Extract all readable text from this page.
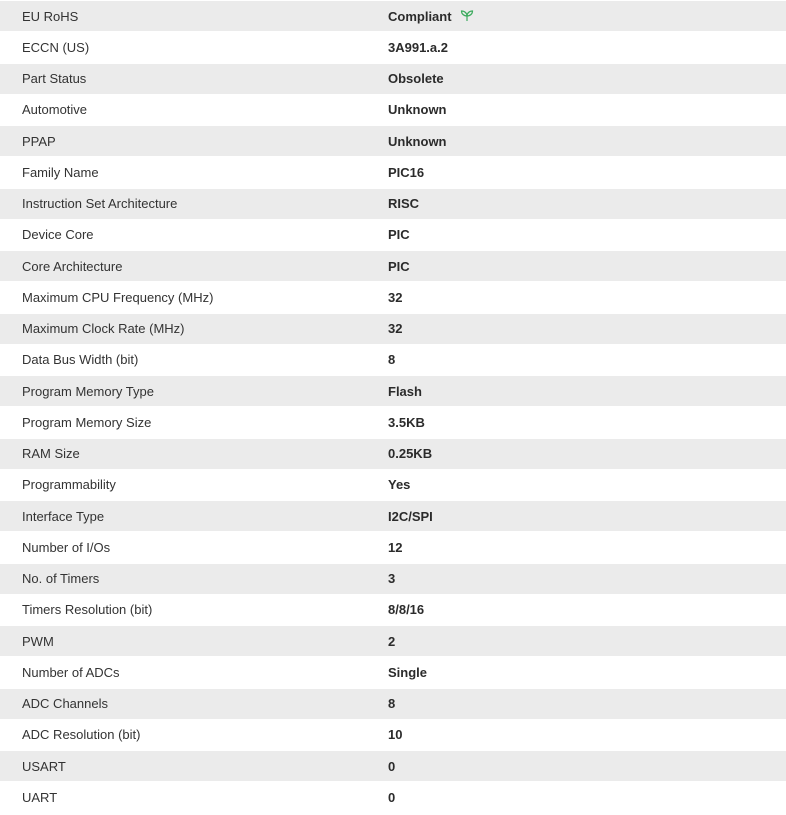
EU RoHS	Compliant
ECCN (US)	3A991.a.2
Part Status	Obsolete
Automotive	Unknown
PPAP	Unknown
Family Name	PIC16
Instruction Set Architecture	RISC
Device Core	PIC
Core Architecture	PIC
Maximum CPU Frequency (MHz)	32
Maximum Clock Rate (MHz)	32
Data Bus Width (bit)	8
Program Memory Type	Flash
Program Memory Size	3.5KB
RAM Size	0.25KB
Programmability	Yes
Interface Type	I2C/SPI
Number of I/Os	12
No. of Timers	3
Timers Resolution (bit)	8/8/16
PWM	2
Number of ADCs	Single
ADC Channels	8
ADC Resolution (bit)	10
USART	0
UART	0
